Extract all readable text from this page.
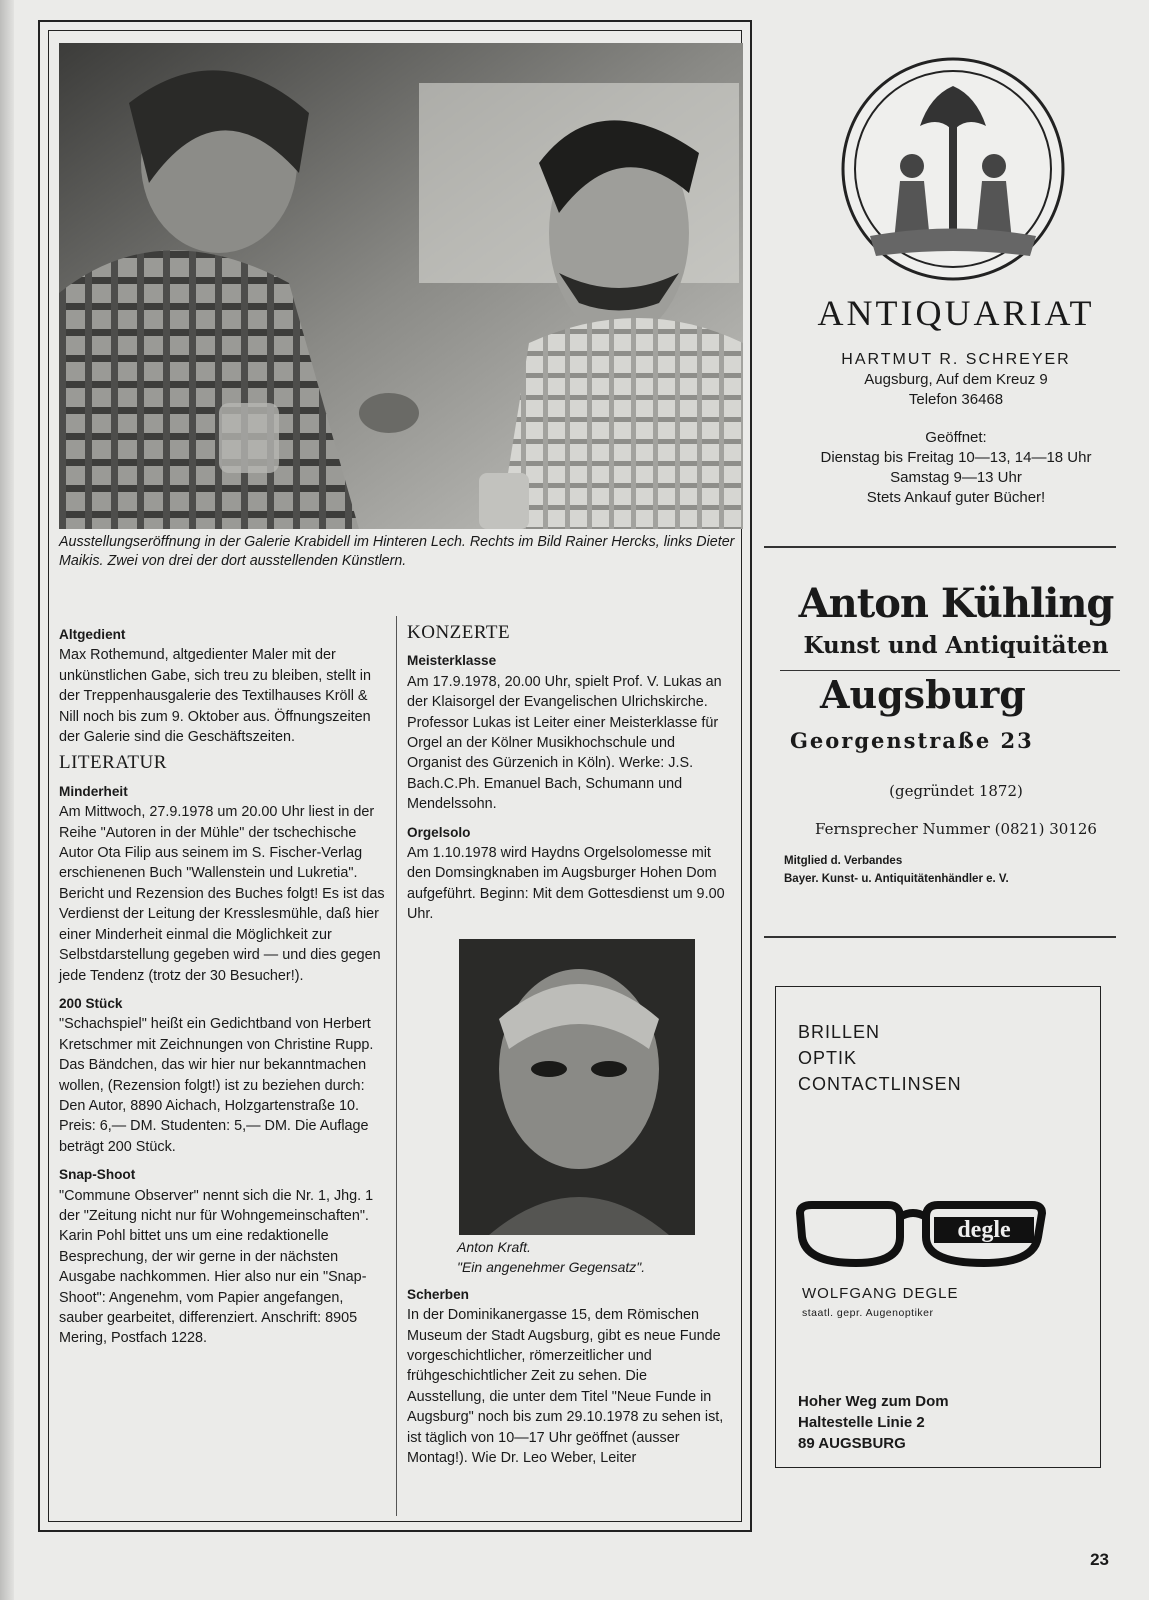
Ausstellungseröffnung in der Galerie Krabidell im Hinteren Lech. Rechts im Bild Rainer Hercks, links Dieter Maikis. Zwei von drei der dort ausstellenden Künstlern.
Altgedient

Max Rothemund, altgedienter Maler mit der unkünstlichen Gabe, sich treu zu bleiben, stellt in der Treppenhausgalerie des Textilhauses Kröll & Nill noch bis zum 9. Oktober aus. Öffnungszeiten der Galerie sind die Geschäftszeiten.

LITERATUR
Minderheit

Am Mittwoch, 27.9.1978 um 20.00 Uhr liest in der Reihe "Autoren in der Mühle" der tschechische Autor Ota Filip aus seinem im S. Fischer-Verlag erschienenen Buch "Wallenstein und Lukretia". Bericht und Rezension des Buches folgt! Es ist das Verdienst der Leitung der Kresslesmühle, daß hier einer Minderheit einmal die Möglichkeit zur Selbstdarstellung gegeben wird — und dies gegen jede Tendenz (trotz der 30 Besucher!).

200 Stück

"Schachspiel" heißt ein Gedichtband von Herbert Kretschmer mit Zeichnungen von Christine Rupp. Das Bändchen, das wir hier nur bekanntmachen wollen, (Rezension folgt!) ist zu beziehen durch: Den Autor, 8890 Aichach, Holzgartenstraße 10. Preis: 6,— DM. Studenten: 5,— DM. Die Auflage beträgt 200 Stück.

Snap-Shoot

"Commune Observer" nennt sich die Nr. 1, Jhg. 1 der "Zeitung nicht nur für Wohngemeinschaften". Karin Pohl bittet uns um eine redaktionelle Besprechung, der wir gerne in der nächsten Ausgabe nachkommen. Hier also nur ein "Snap-Shoot": Angenehm, vom Papier angefangen, sauber gearbeitet, differenziert. Anschrift: 8905 Mering, Postfach 1228.

KONZERTE
Meisterklasse

Am 17.9.1978, 20.00 Uhr, spielt Prof. V. Lukas an der Klaisorgel der Evangelischen Ulrichskirche. Professor Lukas ist Leiter einer Meisterklasse für Orgel an der Kölner Musikhochschule und Organist des Gürzenich in Köln). Werke: J.S. Bach.C.Ph. Emanuel Bach, Schumann und Mendelssohn.

Orgelsolo

Am 1.10.1978 wird Haydns Orgelsolomesse mit den Domsingknaben im Augsburger Hohen Dom aufgeführt. Beginn: Mit dem Gottesdienst um 9.00 Uhr.

Anton Kraft.
"Ein angenehmer Gegensatz".
Scherben

In der Dominikanergasse 15, dem Römischen Museum der Stadt Augsburg, gibt es neue Funde vorgeschichtlicher, römerzeitlicher und frühgeschichtlicher Zeit zu sehen. Die Ausstellung, die unter dem Titel "Neue Funde in Augsburg" noch bis zum 29.10.1978 zu sehen ist, ist täglich von 10—17 Uhr geöffnet (ausser Montag!). Wie Dr. Leo Weber, Leiter

ANTIQUARIAT
HARTMUT R. SCHREYER
Augsburg, Auf dem Kreuz 9
Telefon 36468
Geöffnet:
Dienstag bis Freitag 10—13, 14—18 Uhr
Samstag 9—13 Uhr
Stets Ankauf guter Bücher!
Anton Kühling
Kunst und Antiquitäten
Augsburg
Georgenstraße 23
(gegründet 1872)
Fernsprecher Nummer (0821) 30126
Mitglied d. Verbandes
Bayer. Kunst- u. Antiquitätenhändler e. V.
BRILLEN
OPTIK
CONTACTLINSEN
degle
WOLFGANG DEGLE
staatl. gepr. Augenoptiker
Hoher Weg zum Dom
Haltestelle Linie 2
89 AUGSBURG
23
